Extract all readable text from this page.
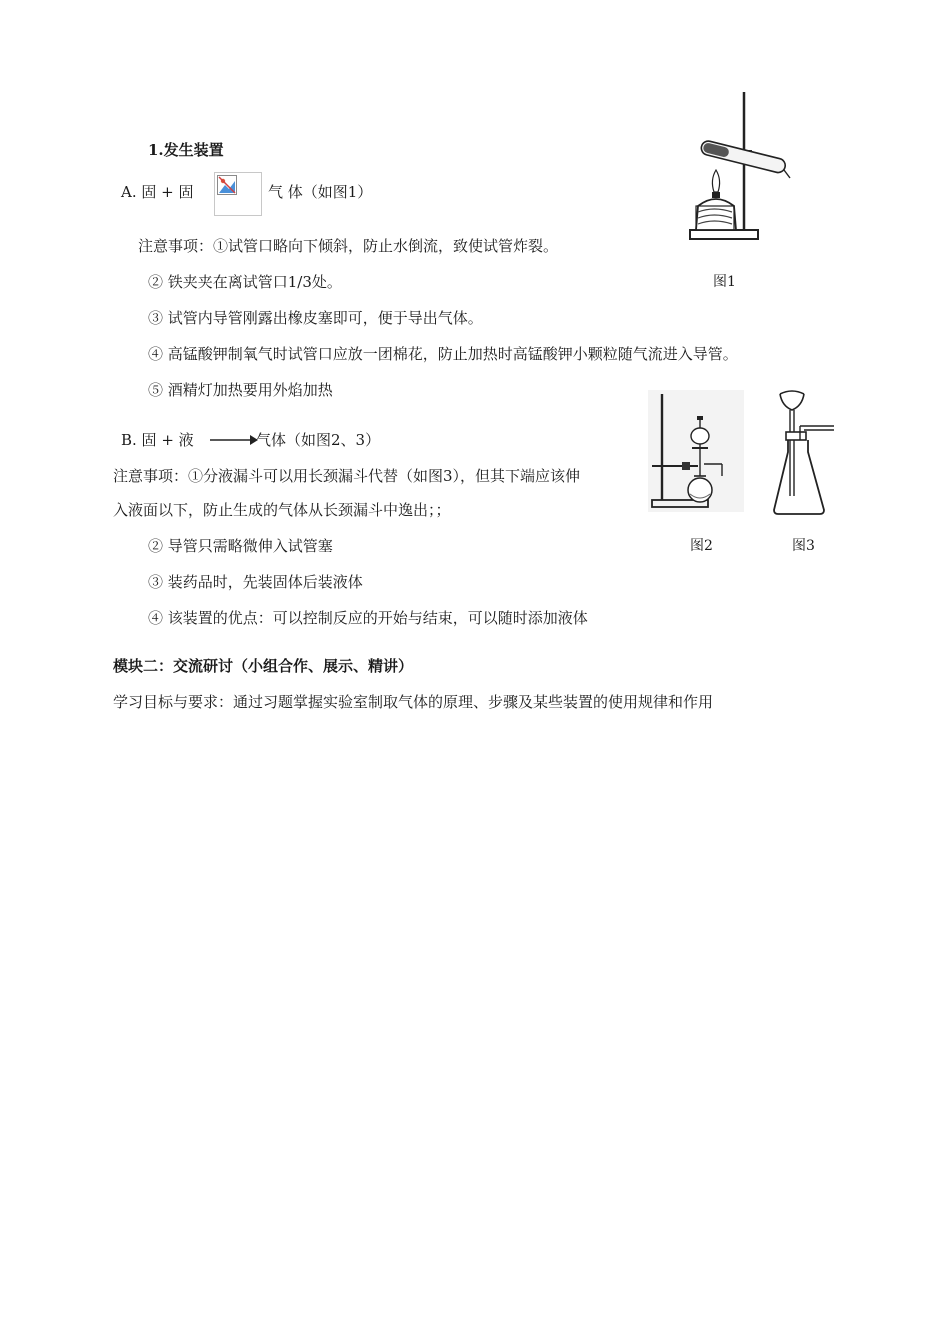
1.发生装置
A. 固 + 固	气 体（如图1）
注意事项：①试管口略向下倾斜，防止水倒流，致使试管炸裂。
② 铁夹夹在离试管口1/3处。
③ 试管内导管刚露出橡皮塞即可，便于导出气体。
④ 高锰酸钾制氧气时试管口应放一团棉花，防止加热时高锰酸钾小颗粒随气流进入导管。
⑤ 酒精灯加热要用外焰加热
图1
B. 固 + 液	气体（如图2、3）
注意事项：①分液漏斗可以用长颈漏斗代替（如图3），但其下端应该伸
入液面以下，防止生成的气体从长颈漏斗中逸出；；
② 导管只需略微伸入试管塞
③ 装药品时，先装固体后装液体
④ 该装置的优点：可以控制反应的开始与结束，可以随时添加液体
图2	图3
模块二：交流研讨（小组合作、展示、精讲）
学习目标与要求：通过习题掌握实验室制取气体的原理、步骤及某些装置的使用规律和作用
